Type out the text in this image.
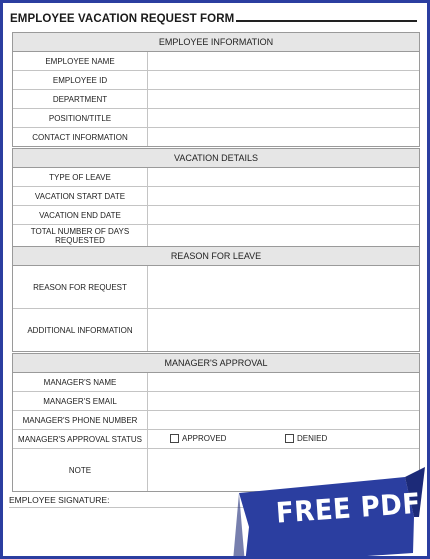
EMPLOYEE VACATION REQUEST FORM
EMPLOYEE INFORMATION
EMPLOYEE NAME
EMPLOYEE ID
DEPARTMENT
POSITION/TITLE
CONTACT INFORMATION
VACATION DETAILS
TYPE OF LEAVE
VACATION START DATE
VACATION END DATE
TOTAL NUMBER OF DAYS REQUESTED
REASON FOR LEAVE
REASON FOR REQUEST
ADDITIONAL INFORMATION
MANAGER'S APPROVAL
MANAGER'S NAME
MANAGER'S EMAIL
MANAGER'S PHONE NUMBER
MANAGER'S APPROVAL STATUS	APPROVED	DENIED
NOTE
EMPLOYEE SIGNATURE:	FREE PDF
